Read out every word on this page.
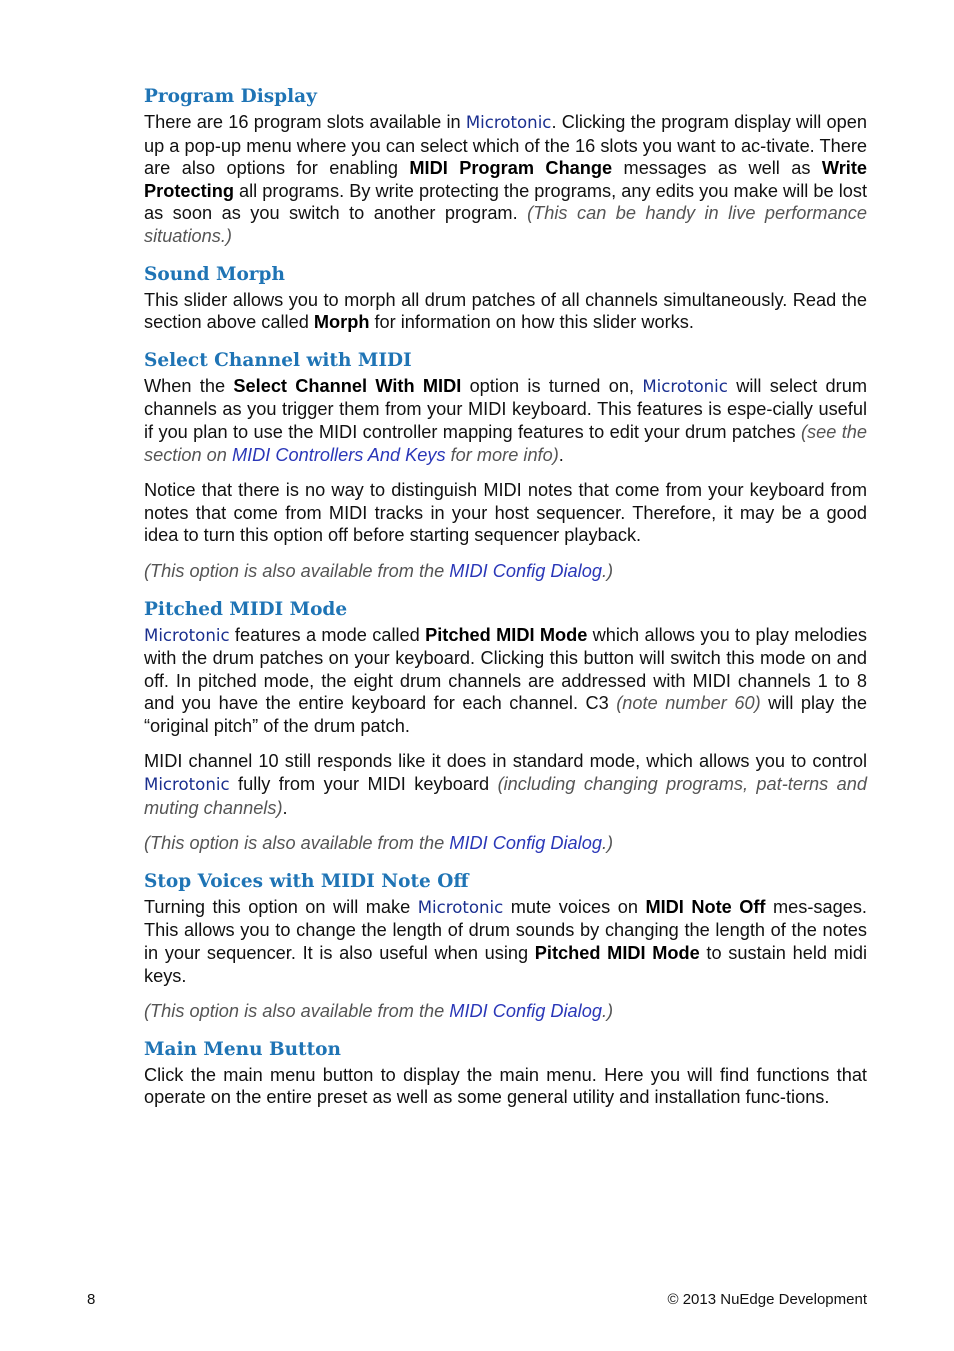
Program Display

There are 16 program slots available in Microtonic. Clicking the program display will open up a pop-up menu where you can select which of the 16 slots you want to ac-tivate. There are also options for enabling MIDI Program Change messages as well as Write Protecting all programs. By write protecting the programs, any edits you make will be lost as soon as you switch to another program. (This can be handy in live performance situations.)

Sound Morph

This slider allows you to morph all drum patches of all channels simultaneously. Read the section above called Morph for information on how this slider works.

Select Channel with MIDI

When the Select Channel With MIDI option is turned on, Microtonic will select drum channels as you trigger them from your MIDI keyboard. This features is espe-cially useful if you plan to use the MIDI controller mapping features to edit your drum patches (see the section on MIDI Controllers And Keys for more info).

Notice that there is no way to distinguish MIDI notes that come from your keyboard from notes that come from MIDI tracks in your host sequencer. Therefore, it may be a good idea to turn this option off before starting sequencer playback.

(This option is also available from the MIDI Config Dialog.)

Pitched MIDI Mode

Microtonic features a mode called Pitched MIDI Mode which allows you to play melodies with the drum patches on your keyboard. Clicking this button will switch this mode on and off. In pitched mode, the eight drum channels are addressed with MIDI channels 1 to 8 and you have the entire keyboard for each channel. C3 (note number 60) will play the “original pitch” of the drum patch.

MIDI channel 10 still responds like it does in standard mode, which allows you to control Microtonic fully from your MIDI keyboard (including changing programs, pat-terns and muting channels).

(This option is also available from the MIDI Config Dialog.)

Stop Voices with MIDI Note Off

Turning this option on will make Microtonic mute voices on MIDI Note Off mes-sages. This allows you to change the length of drum sounds by changing the length of the notes in your sequencer. It is also useful when using Pitched MIDI Mode to sustain held midi keys.

(This option is also available from the MIDI Config Dialog.)

Main Menu Button

Click the main menu button to display the main menu. Here you will find functions that operate on the entire preset as well as some general utility and installation func-tions.

8	© 2013 NuEdge Development
